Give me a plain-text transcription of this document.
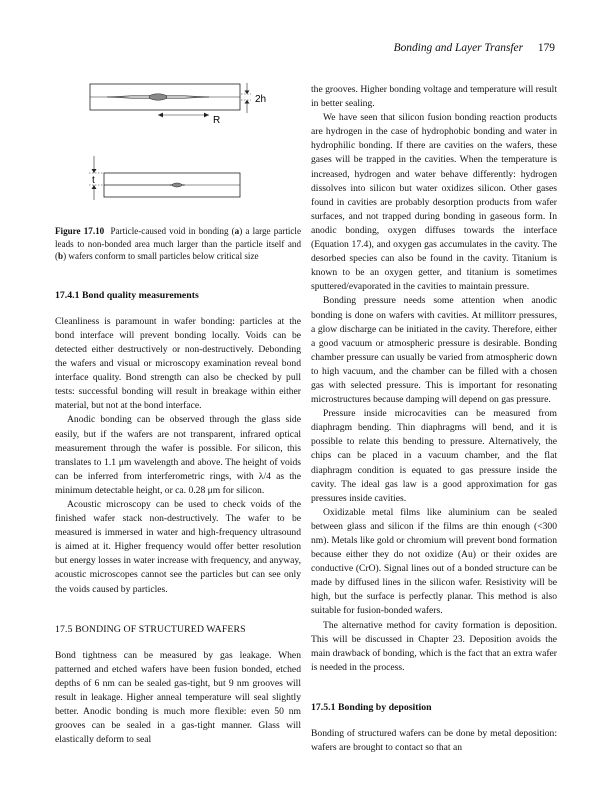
Bonding and Layer Transfer 179
2h
R
t

Figure 17.10 Particle-caused void in bonding (a) a large particle leads to non-bonded area much larger than the particle itself and (b) wafers conform to small particles below critical size

17.4.1 Bond quality measurements

Cleanliness is paramount in wafer bonding: particles at the bond interface will prevent bonding locally. Voids can be detected either destructively or non-destructively. Debonding the wafers and visual or microscopy examination reveal bond interface quality. Bond strength can also be checked by pull tests: successful bonding will result in breakage within either material, but not at the bond interface.

Anodic bonding can be observed through the glass side easily, but if the wafers are not transparent, infrared optical measurement through the wafer is possible. For silicon, this translates to 1.1 μm wavelength and above. The height of voids can be inferred from interferometric rings, with λ/4 as the minimum detectable height, or ca. 0.28 μm for silicon.

Acoustic microscopy can be used to check voids of the finished wafer stack non-destructively. The wafer to be measured is immersed in water and high-frequency ultrasound is aimed at it. Higher frequency would offer better resolution but energy losses in water increase with frequency, and anyway, acoustic microscopes cannot see the particles but can see only the voids caused by particles.

17.5 BONDING OF STRUCTURED WAFERS

Bond tightness can be measured by gas leakage. When patterned and etched wafers have been fusion bonded, etched depths of 6 nm can be sealed gas-tight, but 9 nm grooves will result in leakage. Higher anneal temperature will seal slightly better. Anodic bonding is much more flexible: even 50 nm grooves can be sealed in a gas-tight manner. Glass will elastically deform to seal

the grooves. Higher bonding voltage and temperature will result in better sealing.

We have seen that silicon fusion bonding reaction products are hydrogen in the case of hydrophobic bonding and water in hydrophilic bonding. If there are cavities on the wafers, these gases will be trapped in the cavities. When the temperature is increased, hydrogen and water behave differently: hydrogen dissolves into silicon but water oxidizes silicon. Other gases found in cavities are probably desorption products from wafer surfaces, and not trapped during bonding in gaseous form. In anodic bonding, oxygen diffuses towards the interface (Equation 17.4), and oxygen gas accumulates in the cavity. The desorbed species can also be found in the cavity. Titanium is known to be an oxygen getter, and titanium is sometimes sputtered/evaporated in the cavities to maintain pressure.

Bonding pressure needs some attention when anodic bonding is done on wafers with cavities. At millitorr pressures, a glow discharge can be initiated in the cavity. Therefore, either a good vacuum or atmospheric pressure is desirable. Bonding chamber pressure can usually be varied from atmospheric down to high vacuum, and the chamber can be filled with a chosen gas with selected pressure. This is important for resonating microstructures because damping will depend on gas pressure.

Pressure inside microcavities can be measured from diaphragm bending. Thin diaphragms will bend, and it is possible to relate this bending to pressure. Alternatively, the chips can be placed in a vacuum chamber, and the flat diaphragm condition is equated to gas pressure inside the cavity. The ideal gas law is a good approximation for gas pressures inside cavities.

Oxidizable metal films like aluminium can be sealed between glass and silicon if the films are thin enough (<300 nm). Metals like gold or chromium will prevent bond formation because either they do not oxidize (Au) or their oxides are conductive (CrO). Signal lines out of a bonded structure can be made by diffused lines in the silicon wafer. Resistivity will be high, but the surface is perfectly planar. This method is also suitable for fusion-bonded wafers.

The alternative method for cavity formation is deposition. This will be discussed in Chapter 23. Deposition avoids the main drawback of bonding, which is the fact that an extra wafer is needed in the process.

17.5.1 Bonding by deposition

Bonding of structured wafers can be done by metal deposition: wafers are brought to contact so that an
